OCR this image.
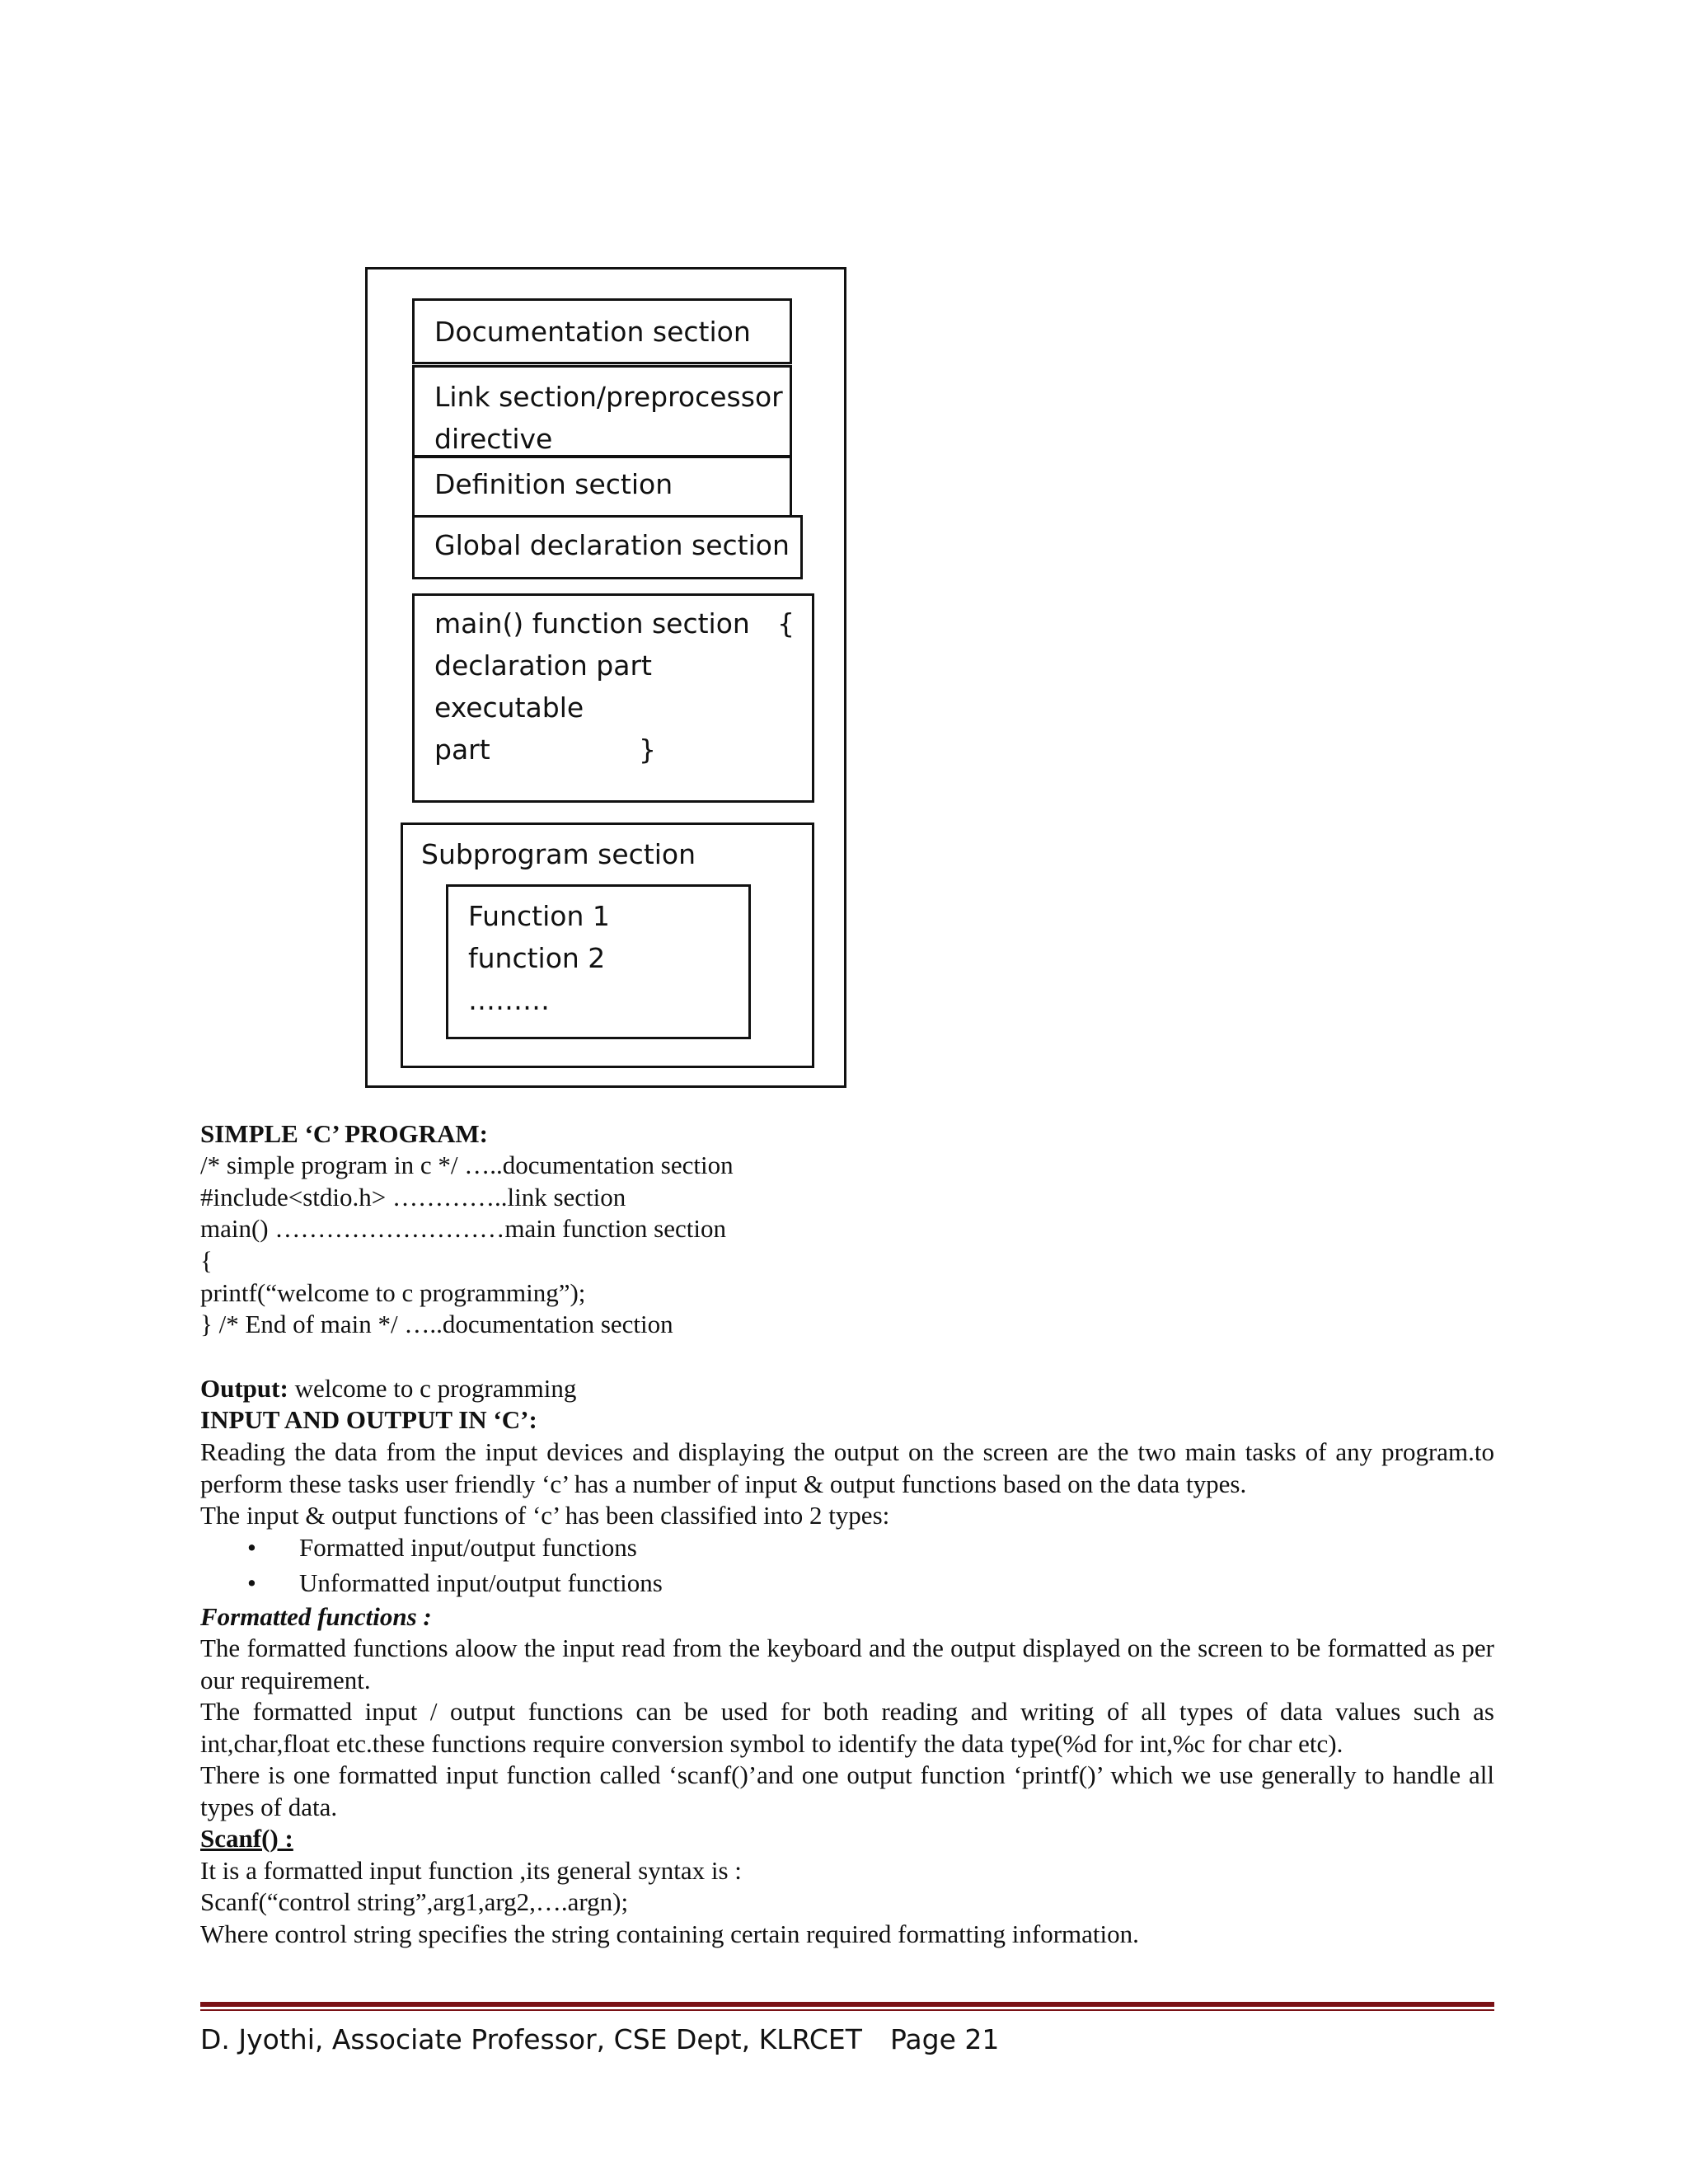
Documentation section
Link section/preprocessor
directive
Definition section
Global declaration section
main() function section {
declaration part
executable
part	}
Subprogram section
Function 1
function 2
………
SIMPLE ‘C’ PROGRAM:
/* simple program in c */ …..documentation section
#include<stdio.h> …………..link section
main() ………………………main function section
{
printf(“welcome to c programming”);
} /* End of main */ …..documentation section
Output: welcome to c programming
INPUT AND OUTPUT IN ‘C’:
Reading the data from the input devices and displaying the output on the screen are the two main tasks of any program.to perform these tasks user friendly ‘c’ has a number of input & output functions based on the data types.
The input & output functions of ‘c’ has been classified into 2 types:
• Formatted input/output functions
• Unformatted input/output functions
Formatted functions :
The formatted functions aloow the input read from the keyboard and the output displayed on the screen to be formatted as per our requirement.
The formatted input / output functions can be used for both reading and writing of all types of data values such as int,char,float etc.these functions require conversion symbol to identify the data type(%d for int,%c for char etc).
There is one formatted input function called ‘scanf()’and one output function ‘printf()’ which we use generally to handle all types of data.
Scanf() :
It is a formatted input function ,its general syntax is :
Scanf(“control string”,arg1,arg2,….argn);
Where control string specifies the string containing certain required formatting information.
D. Jyothi, Associate Professor, CSE Dept, KLRCET Page 21
